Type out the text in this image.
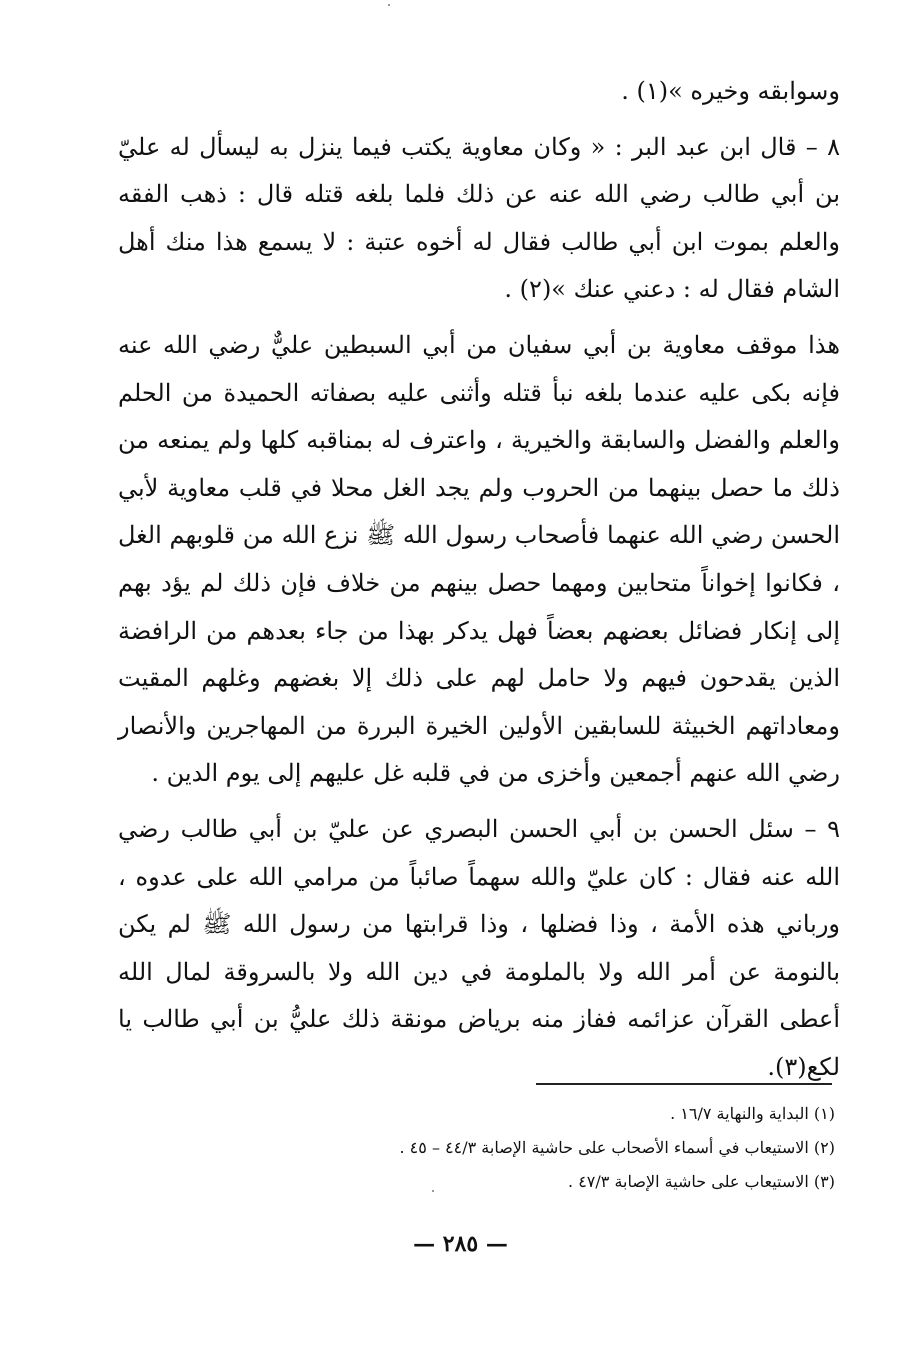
وسوابقه وخيره »(١) .

٨ – قال ابن عبد البر : « وكان معاوية يكتب فيما ينزل به ليسأل له عليّ بن أبي طالب رضي الله عنه عن ذلك فلما بلغه قتله قال : ذهب الفقه والعلم بموت ابن أبي طالب فقال له أخوه عتبة : لا يسمع هذا منك أهل الشام فقال له : دعني عنك »(٢) .

هذا موقف معاوية بن أبي سفيان من أبي السبطين عليٌّ رضي الله عنه فإنه بكى عليه عندما بلغه نبأ قتله وأثنى عليه بصفاته الحميدة من الحلم والعلم والفضل والسابقة والخيرية ، واعترف له بمناقبه كلها ولم يمنعه من ذلك ما حصل بينهما من الحروب ولم يجد الغل محلا في قلب معاوية لأبي الحسن رضي الله عنهما فأصحاب رسول الله ﷺ نزع الله من قلوبهم الغل ، فكانوا إخواناً متحابين ومهما حصل بينهم من خلاف فإن ذلك لم يؤد بهم إلى إنكار فضائل بعضهم بعضاً فهل يدكر بهذا من جاء بعدهم من الرافضة الذين يقدحون فيهم ولا حامل لهم على ذلك إلا بغضهم وغلهم المقيت ومعاداتهم الخبيثة للسابقين الأولين الخيرة البررة من المهاجرين والأنصار رضي الله عنهم أجمعين وأخزى من في قلبه غل عليهم إلى يوم الدين .

٩ – سئل الحسن بن أبي الحسن البصري عن عليّ بن أبي طالب رضي الله عنه فقال : كان عليّ والله سهماً صائباً من مرامي الله على عدوه ، ورباني هذه الأمة ، وذا فضلها ، وذا قرابتها من رسول الله ﷺ لم يكن بالنومة عن أمر الله ولا بالملومة في دين الله ولا بالسروقة لمال الله أعطى القرآن عزائمه ففاز منه برياض مونقة ذلك عليُّ بن أبي طالب يا لكع(٣).

(١) البداية والنهاية ١٦/٧ .

(٢) الاستيعاب في أسماء الأصحاب على حاشية الإصابة ٤٤/٣ – ٤٥ .

(٣) الاستيعاب على حاشية الإصابة ٤٧/٣ .

— ٢٨٥ —
